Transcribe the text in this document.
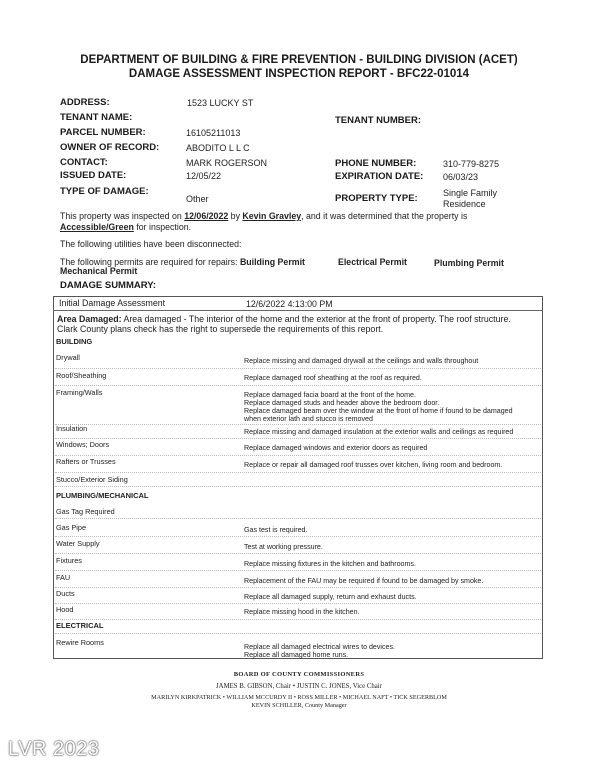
DEPARTMENT OF BUILDING & FIRE PREVENTION - BUILDING DIVISION (ACET)
DAMAGE ASSESSMENT INSPECTION REPORT - BFC22-01014
ADDRESS:	1523 LUCKY ST
TENANT NAME:	TENANT NUMBER:
PARCEL NUMBER:	16105211013
OWNER OF RECORD:	ABODITO L L C
CONTACT:	MARK ROGERSON	PHONE NUMBER:	310-779-8275
ISSUED DATE:	12/05/22	EXPIRATION DATE: 06/03/23
TYPE OF DAMAGE:
Other	PROPERTY TYPE:	Single Family
Residence
This property was inspected on 12/06/2022 by Kevin Gravley, and it was determined that the property is
Accessible/Green for inspection.
The following utilities have been disconnected:
The following permits are required for repairs: Building Permit	Electrical Permit	Plumbing Permit
Mechanical Permit
DAMAGE SUMMARY:
Initial Damage Assessment	12/6/2022 4:13:00 PM
Area Damaged: Area damaged - The interior of the home and the exterior at the front of property. The roof structure.
Clark County plans check has the right to supersede the requirements of this report.
BUILDING
Drywall	Replace missing and damaged drywall at the ceilings and walls throughout
Roof/Sheathing	Replace damaged roof sheathing at the roof as required.
Framing/Walls	Replace damaged facia board at the front of the home.
Replace damaged studs and header above the bedroom door.
Replace damaged beam over the window at the front of home if found to be damaged
when exterior lath and stucco is removed
Insulation	Replace missing and damaged insulation at the exterior walls and ceilings as required
Windows; Doors	Replace damaged windows and exterior doors as required
Rafters or Trusses	Replace or repair all damaged roof trusses over kitchen, living room and bedroom.
Stucco/Exterior Siding
PLUMBING/MECHANICAL
Gas Tag Required
Gas Pipe	Gas test is required.
Water Supply	Test at working pressure.
Fixtures	Replace missing fixtures in the kitchen and bathrooms.
FAU	Replacement of the FAU may be required if found to be damaged by smoke.
Ducts	Replace all damaged supply, return and exhaust ducts.
Hood	Replace missing hood in the kitchen.
ELECTRICAL
Rewire Rooms	Replace all damaged electrical wires to devices.
Replace all damaged home runs.
BOARD OF COUNTY COMMISSIONERS
JAMES B. GIBSON, Chair • JUSTIN C. JONES, Vice Chair
MARILYN KIRKPATRICK • WILLIAM MCCURDY II • ROSS MILLER • MICHAEL NAFT • TICK SEGERBLOM
KEVIN SCHILLER, County Manager
LVR 2023
